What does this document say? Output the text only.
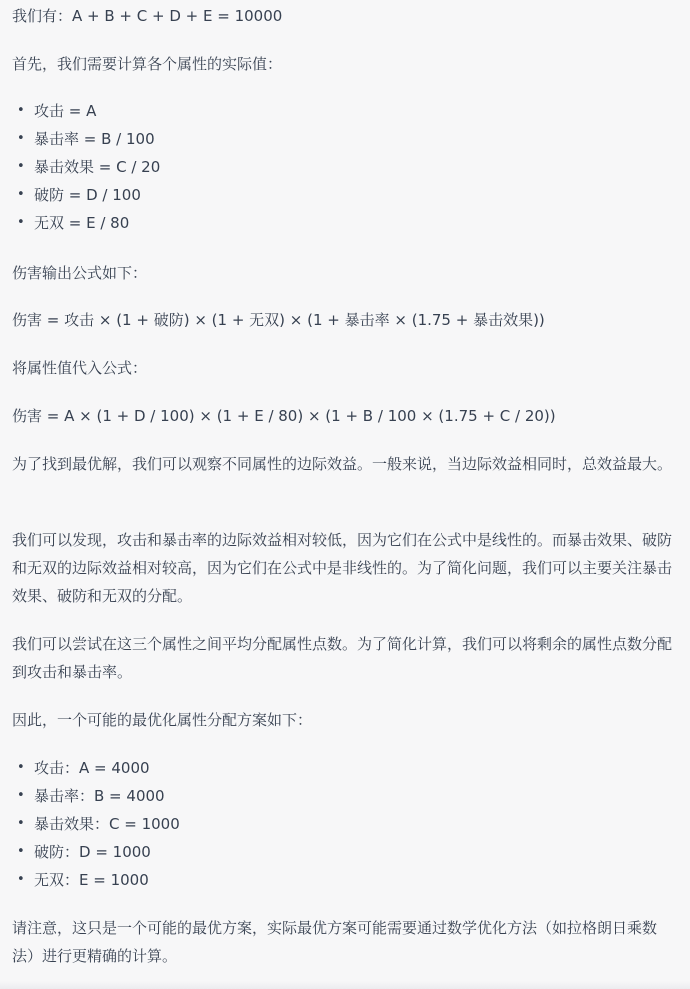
我们有：A + B + C + D + E = 10000
首先，我们需要计算各个属性的实际值：
• 攻击 = A
• 暴击率 = B / 100
• 暴击效果 = C / 20
• 破防 = D / 100
• 无双 = E / 80
伤害输出公式如下：
伤害 = 攻击 × (1 + 破防) × (1 + 无双) × (1 + 暴击率 × (1.75 + 暴击效果))
将属性值代入公式：
伤害 = A × (1 + D / 100) × (1 + E / 80) × (1 + B / 100 × (1.75 + C / 20))
为了找到最优解，我们可以观察不同属性的边际效益。一般来说，当边际效益相同时，总效益最大。
我们可以发现，攻击和暴击率的边际效益相对较低，因为它们在公式中是线性的。而暴击效果、破防和无双的边际效益相对较高，因为它们在公式中是非线性的。为了简化问题，我们可以主要关注暴击效果、破防和无双的分配。
我们可以尝试在这三个属性之间平均分配属性点数。为了简化计算，我们可以将剩余的属性点数分配到攻击和暴击率。
因此，一个可能的最优化属性分配方案如下：
• 攻击：A = 4000
• 暴击率：B = 4000
• 暴击效果：C = 1000
• 破防：D = 1000
• 无双：E = 1000
请注意，这只是一个可能的最优方案，实际最优方案可能需要通过数学优化方法（如拉格朗日乘数法）进行更精确的计算。
